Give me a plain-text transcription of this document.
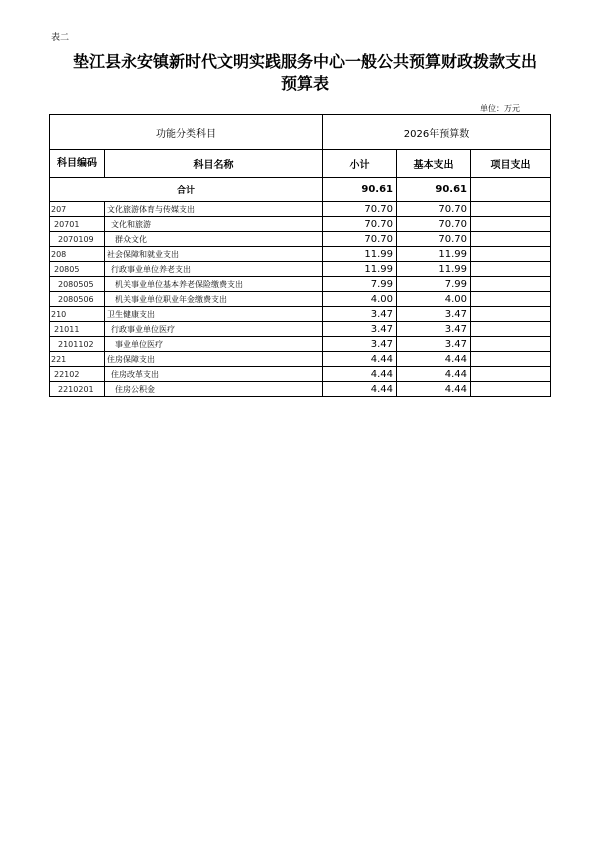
表二
垫江县永安镇新时代文明实践服务中心一般公共预算财政拨款支出
预算表
单位：万元
功能分类科目		2026年预算数		
科目编码	科目名称	小计	基本支出	项目支出
合计		90.61	90.61	
207	文化旅游体育与传媒支出	70.70	70.70	
20701	文化和旅游	70.70	70.70	
2070109	群众文化	70.70	70.70	
208	社会保障和就业支出	11.99	11.99	
20805	行政事业单位养老支出	11.99	11.99	
2080505	机关事业单位基本养老保险缴费支出	7.99	7.99	
2080506	机关事业单位职业年金缴费支出	4.00	4.00	
210	卫生健康支出	3.47	3.47	
21011	行政事业单位医疗	3.47	3.47	
2101102	事业单位医疗	3.47	3.47	
221	住房保障支出	4.44	4.44	
22102	住房改革支出	4.44	4.44	
2210201	住房公积金	4.44	4.44	
